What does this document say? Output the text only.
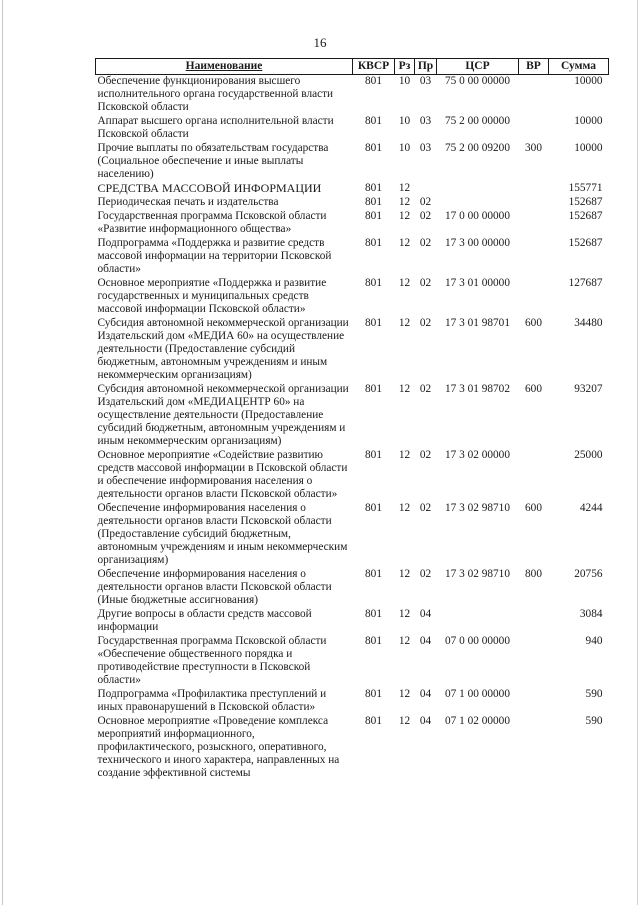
16
Наименование	КВСР	Рз	Пр	ЦСР	ВР	Сумма
Обеспечение функционирования высшего исполнительного органа государственной власти Псковской области	801	10	03	75 0 00 00000		10000
Аппарат высшего органа исполнительной власти Псковской области	801	10	03	75 2 00 00000		10000
Прочие выплаты по обязательствам государства (Социальное обеспечение и иные выплаты населению)	801	10	03	75 2 00 09200	300	10000
СРЕДСТВА МАССОВОЙ ИНФОРМАЦИИ	801	12				155771
Периодическая печать и издательства	801	12	02			152687
Государственная программа Псковской области «Развитие информационного общества»	801	12	02	17 0 00 00000		152687
Подпрограмма «Поддержка и развитие средств массовой информации на территории Псковской области»	801	12	02	17 3 00 00000		152687
Основное мероприятие «Поддержка и развитие государственных и муниципальных средств массовой информации Псковской области»	801	12	02	17 3 01 00000		127687
Субсидия автономной некоммерческой организации Издательский дом «МЕДИА 60» на осуществление деятельности (Предоставление субсидий бюджетным, автономным учреждениям и иным некоммерческим организациям)	801	12	02	17 3 01 98701	600	34480
Субсидия автономной некоммерческой организации Издательский дом «МЕДИАЦЕНТР 60» на осуществление деятельности (Предоставление субсидий бюджетным, автономным учреждениям и иным некоммерческим организациям)	801	12	02	17 3 01 98702	600	93207
Основное мероприятие «Содействие развитию средств массовой информации в Псковской области и обеспечение информирования населения о деятельности органов власти Псковской области»	801	12	02	17 3 02 00000		25000
Обеспечение информирования населения о деятельности органов власти Псковской области (Предоставление субсидий бюджетным, автономным учреждениям и иным некоммерческим организациям)	801	12	02	17 3 02 98710	600	4244
Обеспечение информирования населения о деятельности органов власти Псковской области (Иные бюджетные ассигнования)	801	12	02	17 3 02 98710	800	20756
Другие вопросы в области средств массовой информации	801	12	04			3084
Государственная программа Псковской области «Обеспечение общественного порядка и противодействие преступности в Псковской области»	801	12	04	07 0 00 00000		940
Подпрограмма «Профилактика преступлений и иных правонарушений в Псковской области»	801	12	04	07 1 00 00000		590
Основное мероприятие «Проведение комплекса мероприятий информационного, профилактического, розыскного, оперативного, технического и иного характера, направленных на создание эффективной системы	801	12	04	07 1 02 00000		590
